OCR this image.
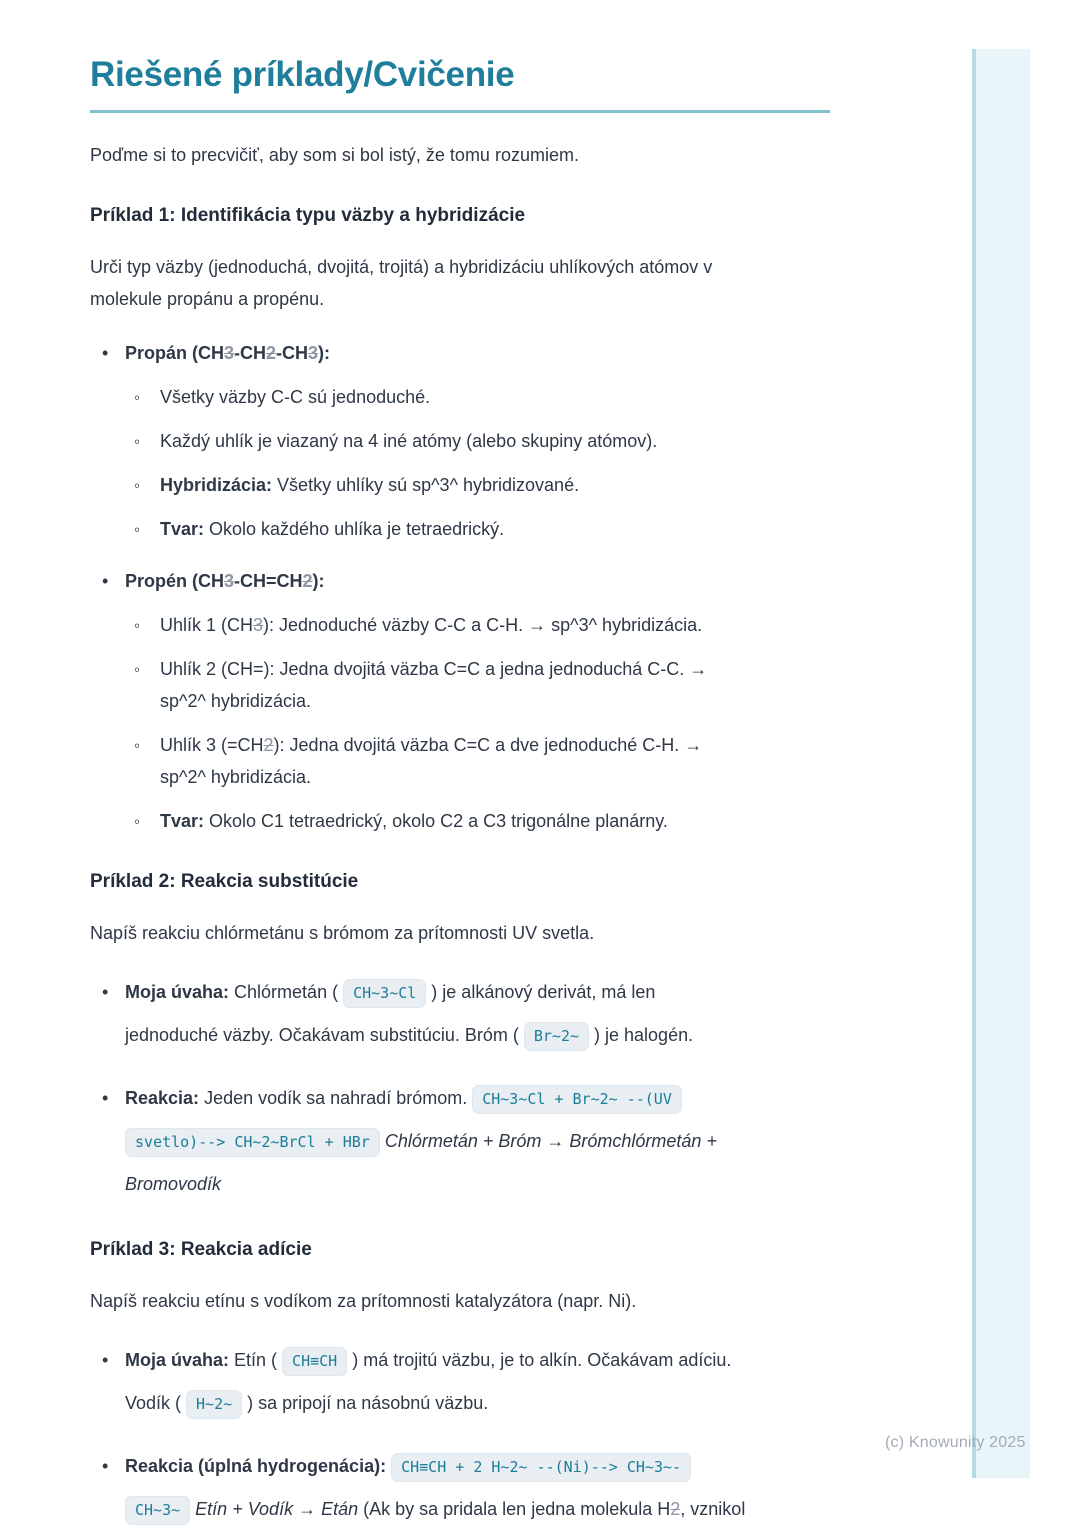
Riešené príklady/Cvičenie

Poďme si to precvičiť, aby som si bol istý, že tomu rozumiem.

Príklad 1: Identifikácia typu väzby a hybridizácie

Urči typ väzby (jednoduchá, dvojitá, trojitá) a hybridizáciu uhlíkových atómov v
molekule propánu a propénu.

• Propán (CH3-CH2-CH3):
◦ Všetky väzby C-C sú jednoduché.
◦ Každý uhlík je viazaný na 4 iné atómy (alebo skupiny atómov).
◦ Hybridizácia: Všetky uhlíky sú sp^3^ hybridizované.
◦ Tvar: Okolo každého uhlíka je tetraedrický.
• Propén (CH3-CH=CH2):
◦ Uhlík 1 (CH3): Jednoduché väzby C-C a C-H. → sp^3^ hybridizácia.
◦ Uhlík 2 (CH=): Jedna dvojitá väzba C=C a jedna jednoduchá C-C. →
sp^2^ hybridizácia.
◦ Uhlík 3 (=CH2): Jedna dvojitá väzba C=C a dve jednoduché C-H. →
sp^2^ hybridizácia.
◦ Tvar: Okolo C1 tetraedrický, okolo C2 a C3 trigonálne planárny.
Príklad 2: Reakcia substitúcie

Napíš reakciu chlórmetánu s brómom za prítomnosti UV svetla.

• Moja úvaha: Chlórmetán ( CH~3~Cl ) je alkánový derivát, má len
jednoduché väzby. Očakávam substitúciu. Bróm ( Br~2~ ) je halogén.
• Reakcia: Jeden vodík sa nahradí brómom. CH~3~Cl + Br~2~ --(UV
svetlo)--> CH~2~BrCl + HBr Chlórmetán + Bróm → Brómchlórmetán +
Bromovodík
Príklad 3: Reakcia adície

Napíš reakciu etínu s vodíkom za prítomnosti katalyzátora (napr. Ni).

• Moja úvaha: Etín ( CH≡CH ) má trojitú väzbu, je to alkín. Očakávam adíciu.
Vodík ( H~2~ ) sa pripojí na násobnú väzbu.
• Reakcia (úplná hydrogenácia): CH≡CH + 2 H~2~ --(Ni)--> CH~3~-
CH~3~ Etín + Vodík → Etán (Ak by sa pridala len jedna molekula H2, vznikol
(c) Knowunity 2025
